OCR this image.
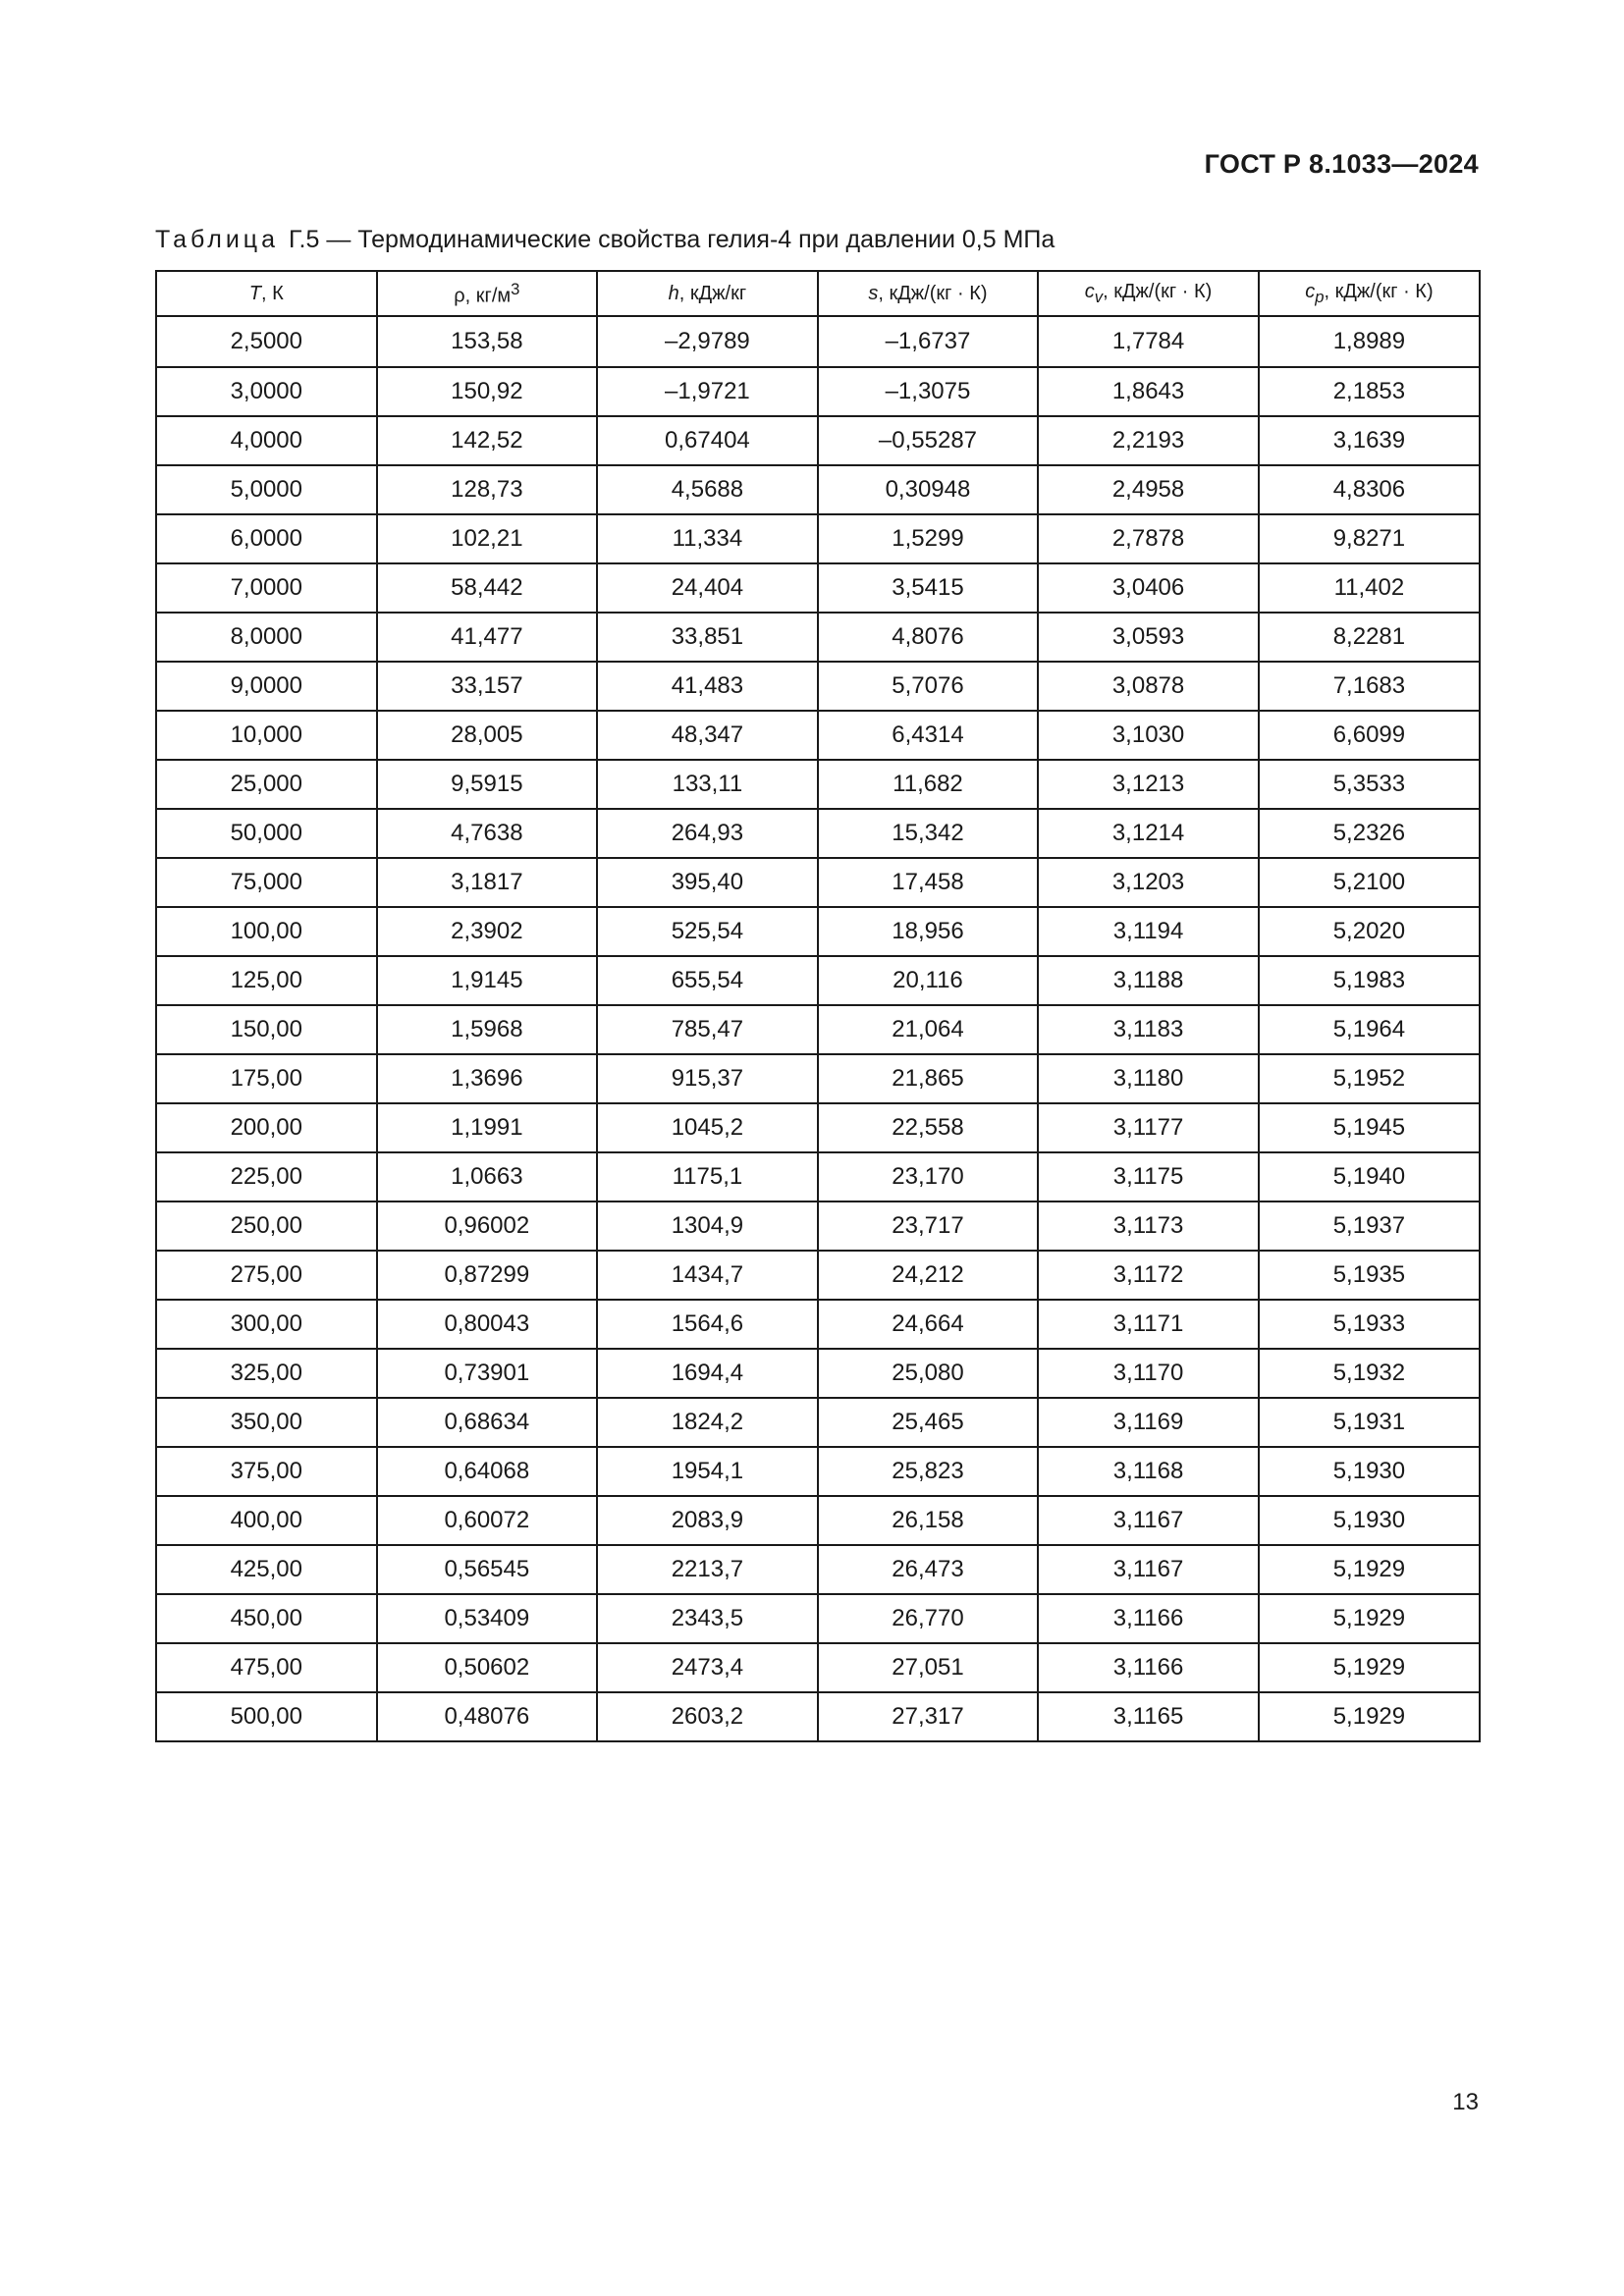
ГОСТ Р 8.1033—2024
Таблица Г.5 — Термодинамические свойства гелия-4 при давлении 0,5 МПа
T, К	ρ, $кг/м^3$	h, кДж/кг	s, кДж/(кг · К)	$c_v$, кДж/(кг · К)	$c_p$, кДж/(кг · К)
2,5000	153,58	–2,9789	–1,6737	1,7784	1,8989
3,0000	150,92	–1,9721	–1,3075	1,8643	2,1853
4,0000	142,52	0,67404	–0,55287	2,2193	3,1639
5,0000	128,73	4,5688	0,30948	2,4958	4,8306
6,0000	102,21	11,334	1,5299	2,7878	9,8271
7,0000	58,442	24,404	3,5415	3,0406	11,402
8,0000	41,477	33,851	4,8076	3,0593	8,2281
9,0000	33,157	41,483	5,7076	3,0878	7,1683
10,000	28,005	48,347	6,4314	3,1030	6,6099
25,000	9,5915	133,11	11,682	3,1213	5,3533
50,000	4,7638	264,93	15,342	3,1214	5,2326
75,000	3,1817	395,40	17,458	3,1203	5,2100
100,00	2,3902	525,54	18,956	3,1194	5,2020
125,00	1,9145	655,54	20,116	3,1188	5,1983
150,00	1,5968	785,47	21,064	3,1183	5,1964
175,00	1,3696	915,37	21,865	3,1180	5,1952
200,00	1,1991	1045,2	22,558	3,1177	5,1945
225,00	1,0663	1175,1	23,170	3,1175	5,1940
250,00	0,96002	1304,9	23,717	3,1173	5,1937
275,00	0,87299	1434,7	24,212	3,1172	5,1935
300,00	0,80043	1564,6	24,664	3,1171	5,1933
325,00	0,73901	1694,4	25,080	3,1170	5,1932
350,00	0,68634	1824,2	25,465	3,1169	5,1931
375,00	0,64068	1954,1	25,823	3,1168	5,1930
400,00	0,60072	2083,9	26,158	3,1167	5,1930
425,00	0,56545	2213,7	26,473	3,1167	5,1929
450,00	0,53409	2343,5	26,770	3,1166	5,1929
475,00	0,50602	2473,4	27,051	3,1166	5,1929
500,00	0,48076	2603,2	27,317	3,1165	5,1929
13
